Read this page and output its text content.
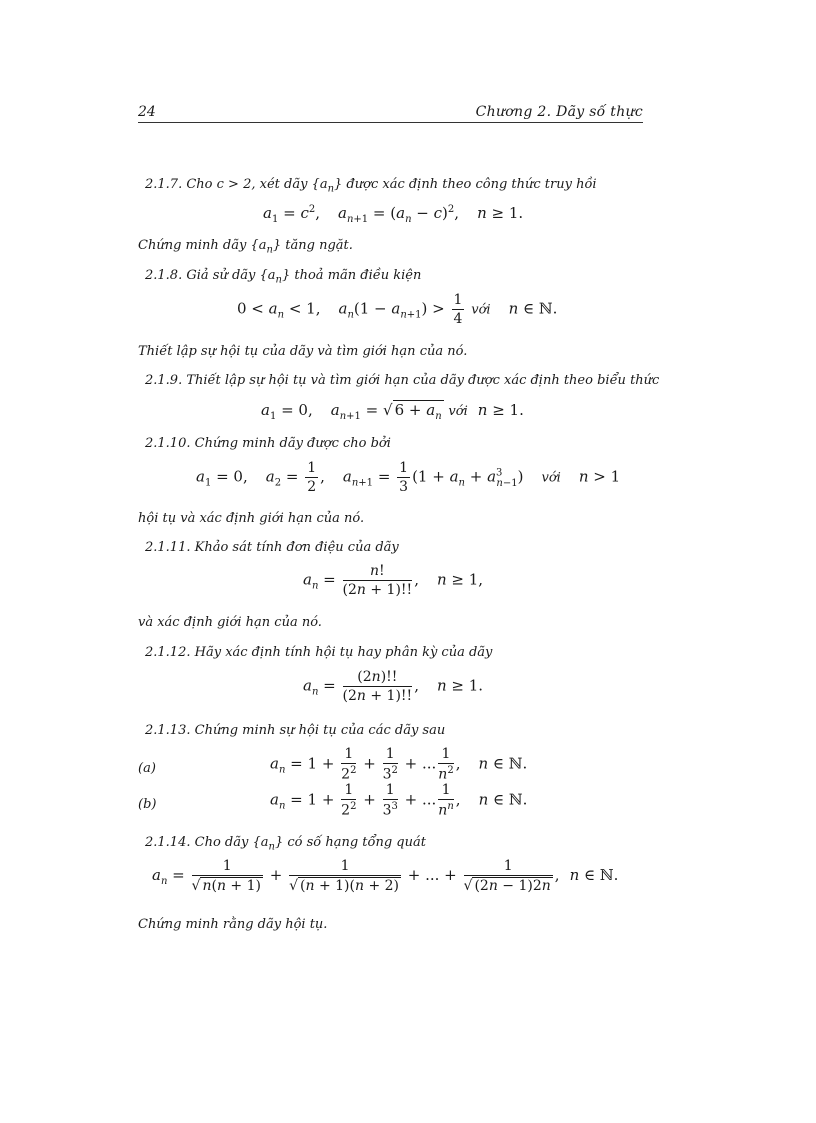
24	Chương 2. Dãy số thực
2.1.7. Cho c > 2, xét dãy $\{a_n\}$ được xác định theo công thức truy hồi
$a_1 = c^2$, $a_{n+1} = (a_n - c)^2$, n ≥ 1.
Chứng minh dãy $\{a_n\}$ tăng ngặt.
2.1.8. Giả sử dãy $\{a_n\}$ thoả mãn điều kiện
$0 < a_n < 1$, $a_n(1 - a_{n+1}) > \frac{1}{4}$ với n ∈ ℕ.
Thiết lập sự hội tụ của dãy và tìm giới hạn của nó.
2.1.9. Thiết lập sự hội tụ và tìm giới hạn của dãy được xác định theo biểu thức
$a_1 = 0$, $a_{n+1}$ = √ $6 + a_n$ với n ≥ 1.
2.1.10. Chứng minh dãy được cho bởi
$a_1 = 0$, $a_2 = \frac{1}{2}$ , $a_{n+1} = \frac{1}{3} (1 + a_n + a^3_{n-1})$ với n > 1
hội tụ và xác định giới hạn của nó.
2.1.11. Khảo sát tính đơn điệu của dãy
$a_n = \frac{n!}{(2n + 1)!!}$ , n ≥ 1,
và xác định giới hạn của nó.
2.1.12. Hãy xác định tính hội tụ hay phân kỳ của dãy
$a_n = \frac{(2n)!!}{(2n + 1)!!}$ , n ≥ 1.
2.1.13. Chứng minh sự hội tụ của các dãy sau
(a)	$a_n = 1 + \frac{1}{2^2} + \frac{1}{3^2}$ + ... $\frac{1}{n^2}$ , n ∈ ℕ.
(b)	$a_n = 1 + \frac{1}{2^2} + \frac{1}{3^3}$ + ... $\frac{1}{n^n}$ , n ∈ ℕ.
2.1.14. Cho dãy $\{a_n\}$ có số hạng tổng quát
$a_n = \frac{1}{√ n(n + 1)} + \frac{1}{√ (n + 1)(n + 2)}$ + ... + $\frac{1}{√ (2n - 1)2n}$ , n ∈ ℕ.
Chứng minh rằng dãy hội tụ.
